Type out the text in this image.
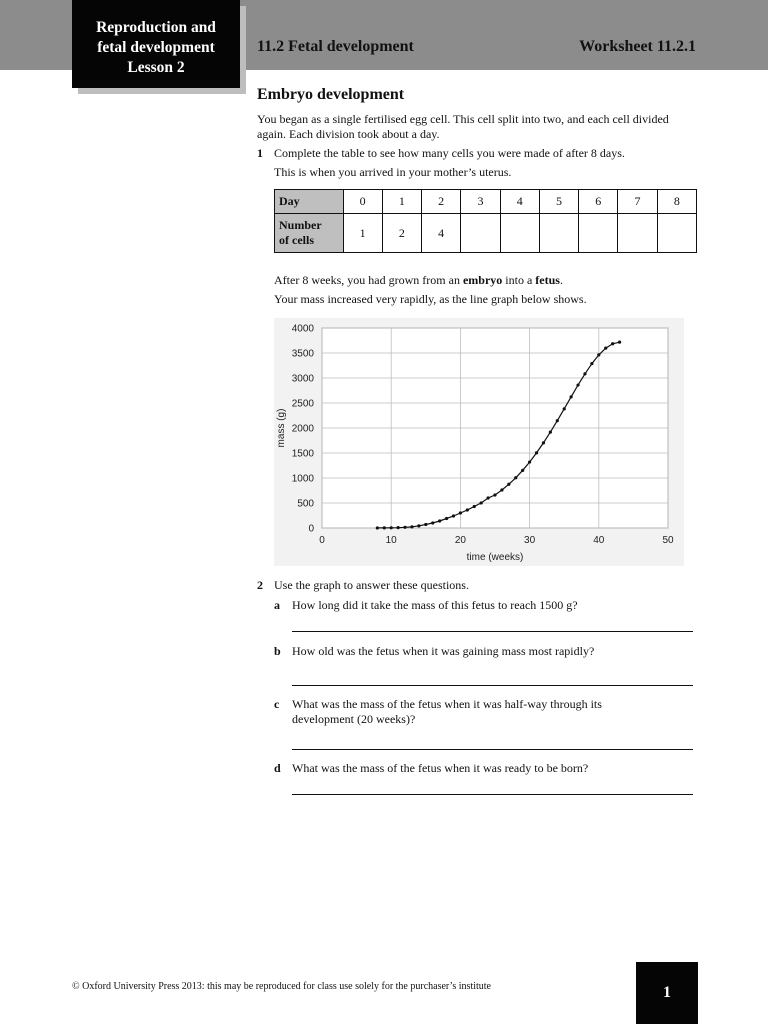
Reproduction and
fetal development
Lesson 2
11.2 Fetal development	Worksheet 11.2.1
Embryo development

You began as a single fertilised egg cell. This cell split into two, and each cell divided again. Each division took about a day.

1 Complete the table to see how many cells you were made of after 8 days.
This is when you arrived in your mother’s uterus.
Day	0	1	2	3	4	5	6	7	8
Number
of cells	1	2	4						
After 8 weeks, you had grown from an embryo into a fetus.
Your mass increased very rapidly, as the line graph below shows.
0
500
1000
1500
2000
2500
3000
3500
4000
0	10	20	30	40	50
time (weeks)
mass (g)
2 Use the graph to answer these questions.
a How long did it take the mass of this fetus to reach 1500 g?
b How old was the fetus when it was gaining mass most rapidly?
c What was the mass of the fetus when it was half-way through its
development (20 weeks)?
d What was the mass of the fetus when it was ready to be born?
© Oxford University Press 2013: this may be reproduced for class use solely for the purchaser’s institute	1
